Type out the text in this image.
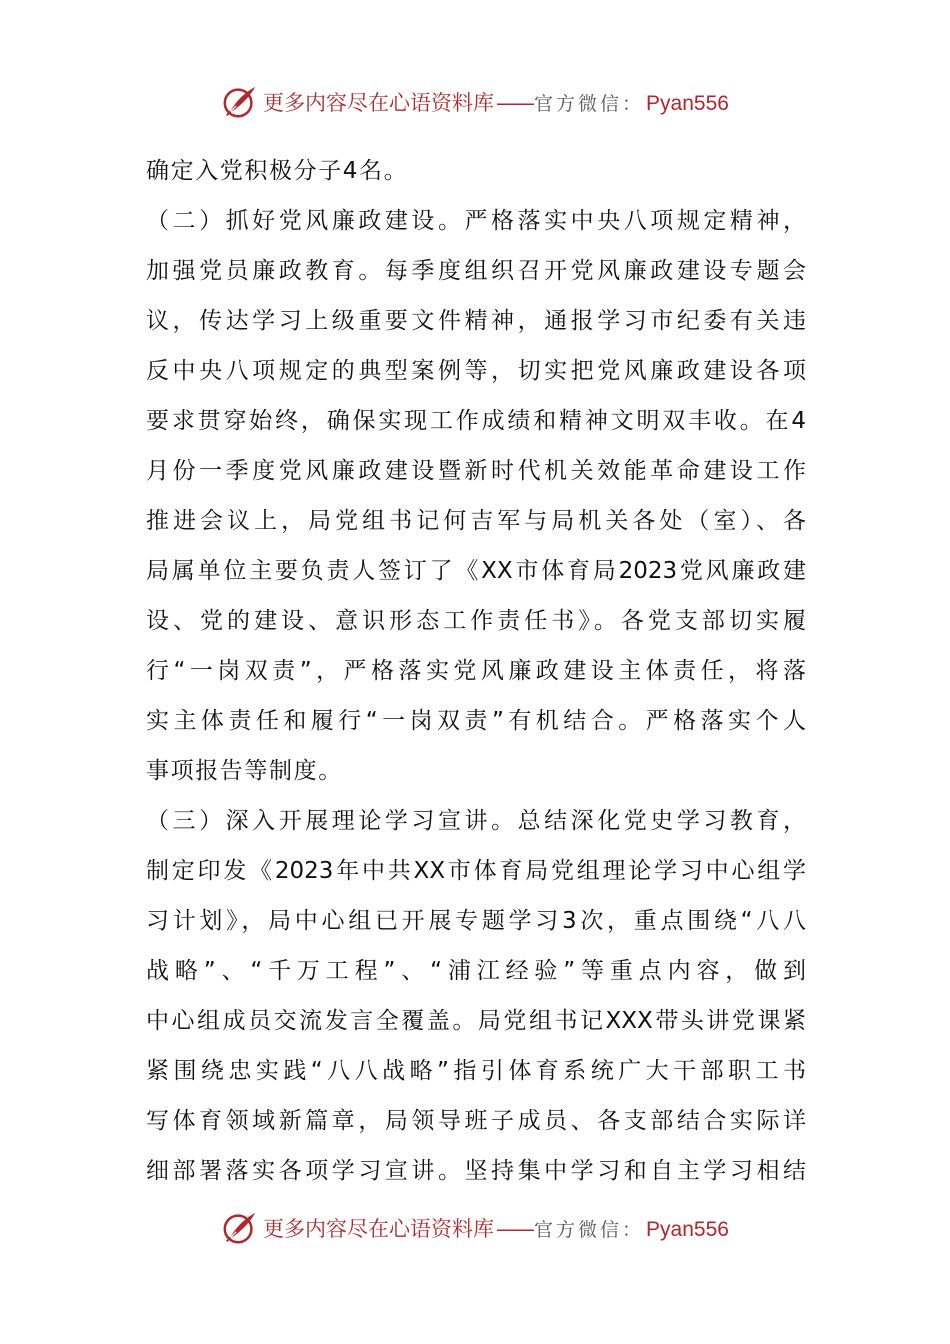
更多内容尽在心语资料库 —— 官方微信： Pyan556
确定入党积极分子4名。
（二）抓好党风廉政建设。严格落实中央八项规定精神，
加强党员廉政教育。每季度组织召开党风廉政建设专题会
议，传达学习上级重要文件精神，通报学习市纪委有关违
反中央八项规定的典型案例等，切实把党风廉政建设各项
要求贯穿始终，确保实现工作成绩和精神文明双丰收。在4
月份一季度党风廉政建设暨新时代机关效能革命建设工作
推进会议上，局党组书记何吉军与局机关各处（室）、各
局属单位主要负责人签订了《XX市体育局2023党风廉政建
设、党的建设、意识形态工作责任书》。各党支部切实履
行“一岗双责”，严格落实党风廉政建设主体责任，将落
实主体责任和履行“一岗双责”有机结合。严格落实个人
事项报告等制度。
（三）深入开展理论学习宣讲。总结深化党史学习教育，
制定印发《2023年中共XX市体育局党组理论学习中心组学
习计划》，局中心组已开展专题学习3次，重点围绕“八八
战略”、“千万工程”、“浦江经验”等重点内容，做到
中心组成员交流发言全覆盖。局党组书记XXX带头讲党课紧
紧围绕忠实践“八八战略”指引体育系统广大干部职工书
写体育领域新篇章，局领导班子成员、各支部结合实际详
细部署落实各项学习宣讲。坚持集中学习和自主学习相结
更多内容尽在心语资料库 —— 官方微信： Pyan556
